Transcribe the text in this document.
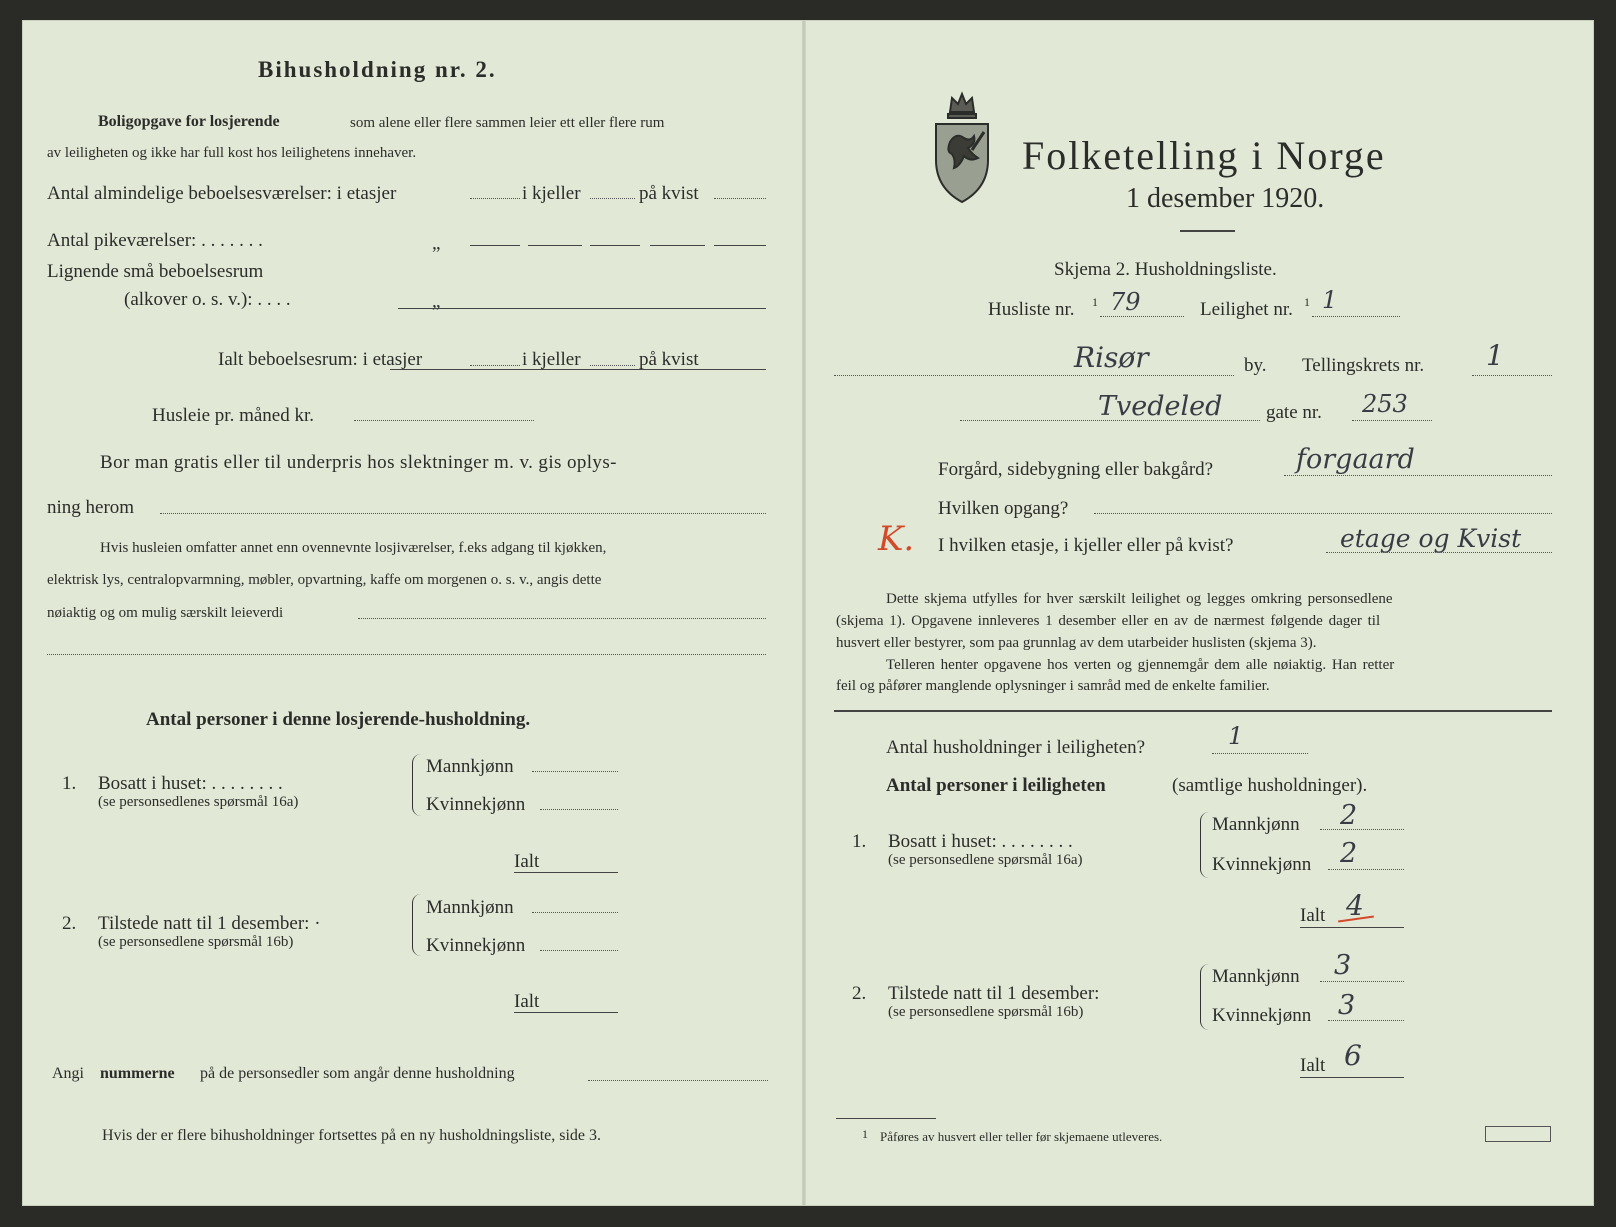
Bihusholdning nr. 2.
Boligopgave for losjerende	som alene eller flere sammen leier ett eller flere rum
av leiligheten og ikke har full kost hos leilighetens innehaver.
Antal almindelige beboelsesværelser: i etasjer	i kjeller	på kvist
Antal pikeværelser: . . . . . . .	„
Lignende små beboelsesrum
(alkover o. s. v.): . . . .	„
Ialt beboelsesrum: i etasjer	i kjeller	på kvist
Husleie pr. måned kr.
Bor man gratis eller til underpris hos slektninger m. v. gis oplys-
ning herom
Hvis husleien omfatter annet enn ovennevnte losjiværelser, f.eks adgang til kjøkken,
elektrisk lys, centralopvarmning, møbler, opvartning, kaffe om morgenen o. s. v., angis dette
nøiaktig og om mulig særskilt leieverdi
Antal personer i denne losjerende-husholdning.
1. Bosatt i huset: . . . . . . . .
(se personsedlenes spørsmål 16a)
Mannkjønn
Kvinnekjønn
Ialt
2. Tilstede natt til 1 desember: ·
(se personsedlene spørsmål 16b)
Mannkjønn
Kvinnekjønn
Ialt
Angi nummerne på de personsedler som angår denne husholdning
Hvis der er flere bihusholdninger fortsettes på en ny husholdningsliste, side 3.
Folketelling i Norge
1 desember 1920.
Skjema 2. Husholdningsliste.
Husliste nr. 1 79	Leilighet nr. 1 1
Risør	by. Tellingskrets nr. 1
Tvedeled gate nr. 253
Forgård, sidebygning eller bakgård?	forgaard
Hvilken opgang?
K. I hvilken etasje, i kjeller eller på kvist?	etage og Kvist
Dette skjema utfylles for hver særskilt leilighet og legges omkring personsedlene
(skjema 1). Opgavene innleveres 1 desember eller en av de nærmest følgende dager til
husvert eller bestyrer, som paa grunnlag av dem utarbeider huslisten (skjema 3).
Telleren henter opgavene hos verten og gjennemgår dem alle nøiaktig. Han retter
feil og påfører manglende oplysninger i samråd med de enkelte familier.
Antal husholdninger i leiligheten?	1
Antal personer i leiligheten	(samtlige husholdninger).
1. Bosatt i huset: . . . . . . . .
(se personsedlene spørsmål 16a)
Mannkjønn 2
Kvinnekjønn 2
Ialt 4
2. Tilstede natt til 1 desember:
(se personsedlene spørsmål 16b)
Mannkjønn 3
Kvinnekjønn 3
Ialt 6
1 Påføres av husvert eller teller før skjemaene utleveres.
